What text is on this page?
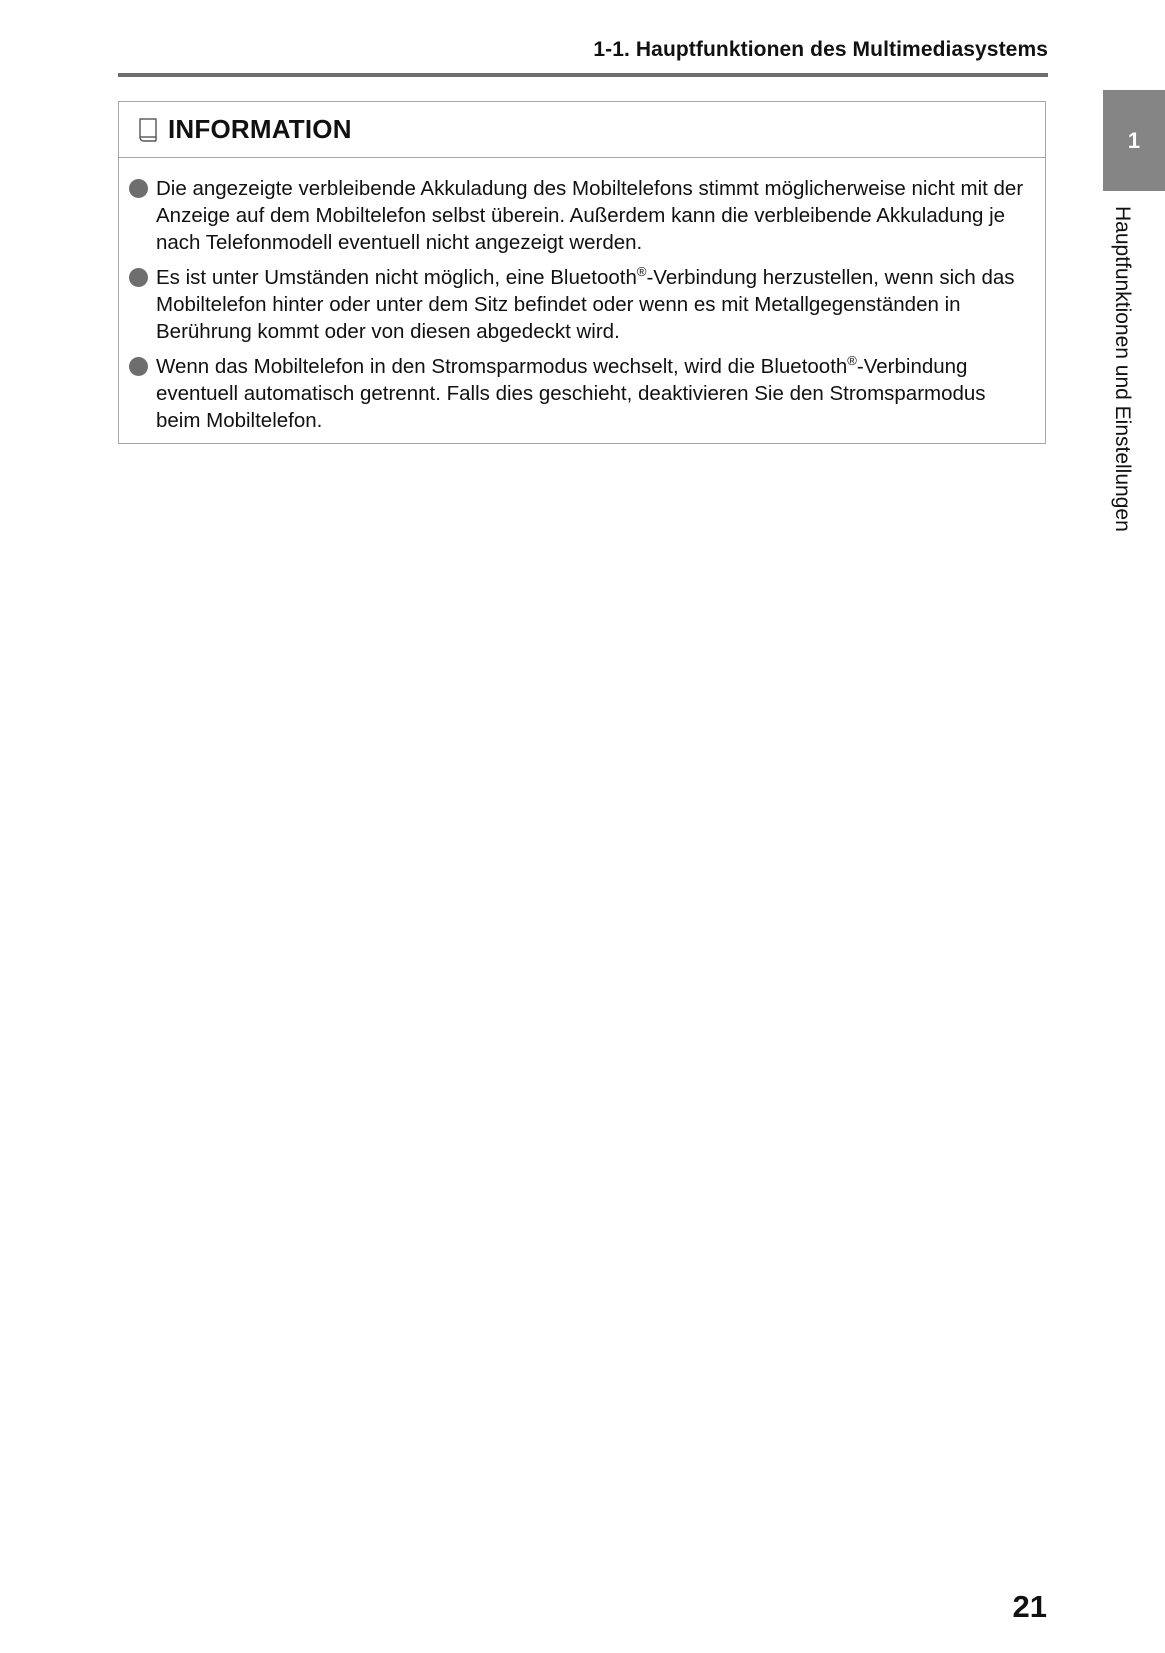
1-1. Hauptfunktionen des Multimediasystems
1
Hauptfunktionen und Einstellungen
INFORMATION
Die angezeigte verbleibende Akkuladung des Mobiltelefons stimmt möglicherweise nicht mit der Anzeige auf dem Mobiltelefon selbst überein. Außerdem kann die verbleibende Akkuladung je nach Telefonmodell eventuell nicht angezeigt werden.
Es ist unter Umständen nicht möglich, eine Bluetooth®-Verbindung herzustellen, wenn sich das Mobiltelefon hinter oder unter dem Sitz befindet oder wenn es mit Metallgegenständen in Berührung kommt oder von diesen abgedeckt wird.
Wenn das Mobiltelefon in den Stromsparmodus wechselt, wird die Bluetooth®-Verbindung eventuell automatisch getrennt. Falls dies geschieht, deaktivieren Sie den Stromsparmodus beim Mobiltelefon.
21
